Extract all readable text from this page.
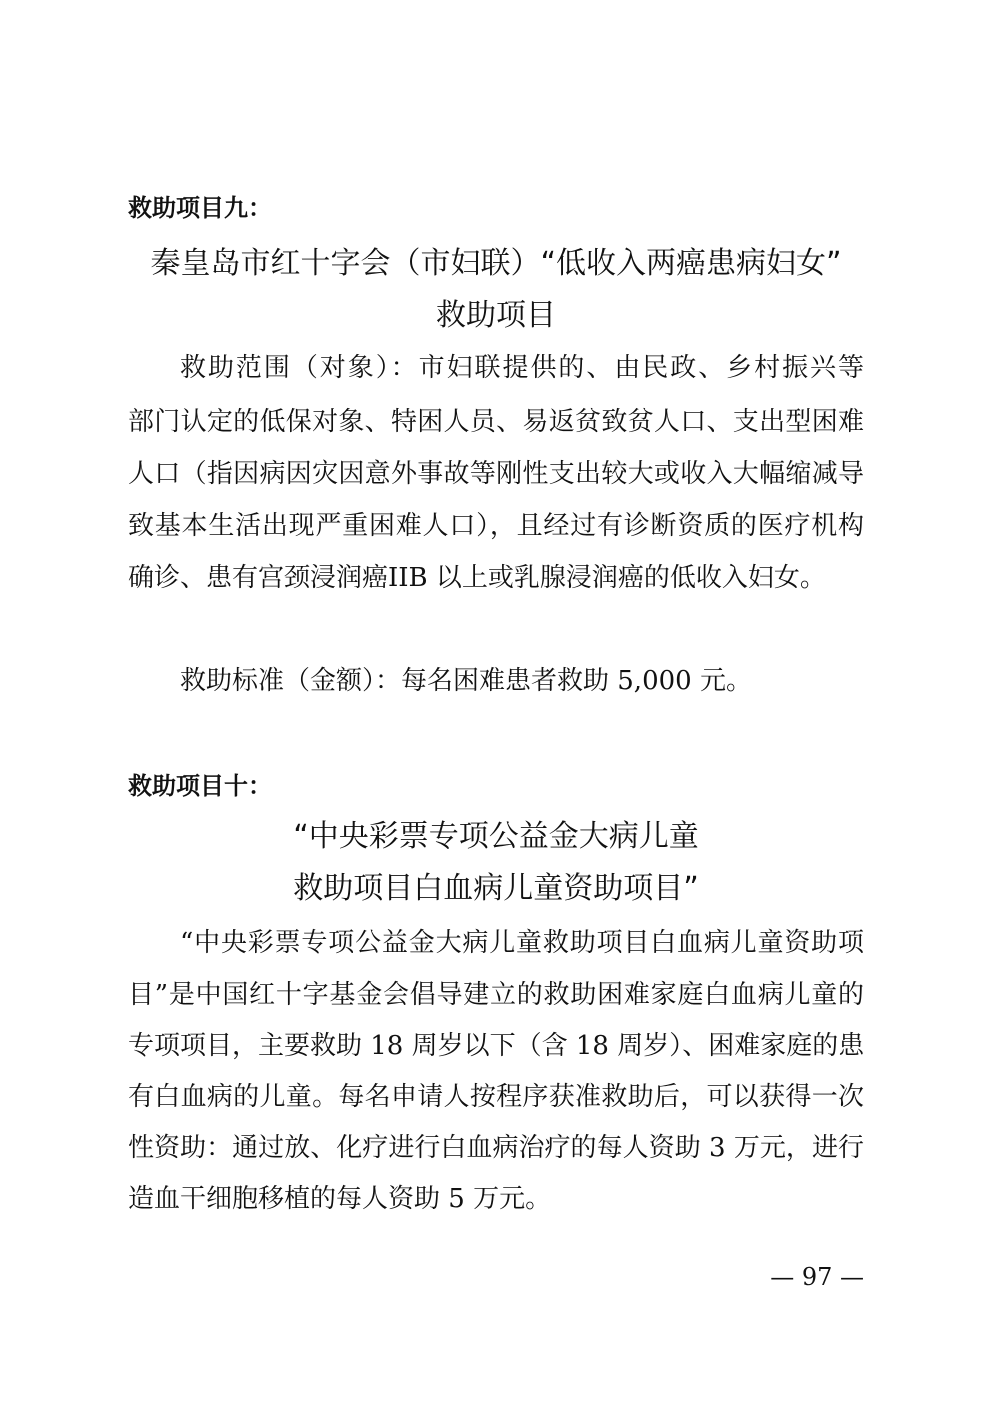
救助项目九：
秦皇岛市红十字会（市妇联）“低收入两癌患病妇女”
救助项目
救助范围（对象）：市妇联提供的、由民政、乡村振兴等
部门认定的低保对象、特困人员、易返贫致贫人口、支出型困难
人口（指因病因灾因意外事故等刚性支出较大或收入大幅缩减导
致基本生活出现严重困难人口），且经过有诊断资质的医疗机构
确诊、患有宫颈浸润癌IIB 以上或乳腺浸润癌的低收入妇女。
救助标准（金额）：每名困难患者救助 5,000 元。
救助项目十：
“中央彩票专项公益金大病儿童
救助项目白血病儿童资助项目”
“中央彩票专项公益金大病儿童救助项目白血病儿童资助项
目”是中国红十字基金会倡导建立的救助困难家庭白血病儿童的
专项项目，主要救助 18 周岁以下（含 18 周岁）、困难家庭的患
有白血病的儿童。每名申请人按程序获准救助后，可以获得一次
性资助：通过放、化疗进行白血病治疗的每人资助 3 万元，进行
造血干细胞移植的每人资助 5 万元。
— 97 —
